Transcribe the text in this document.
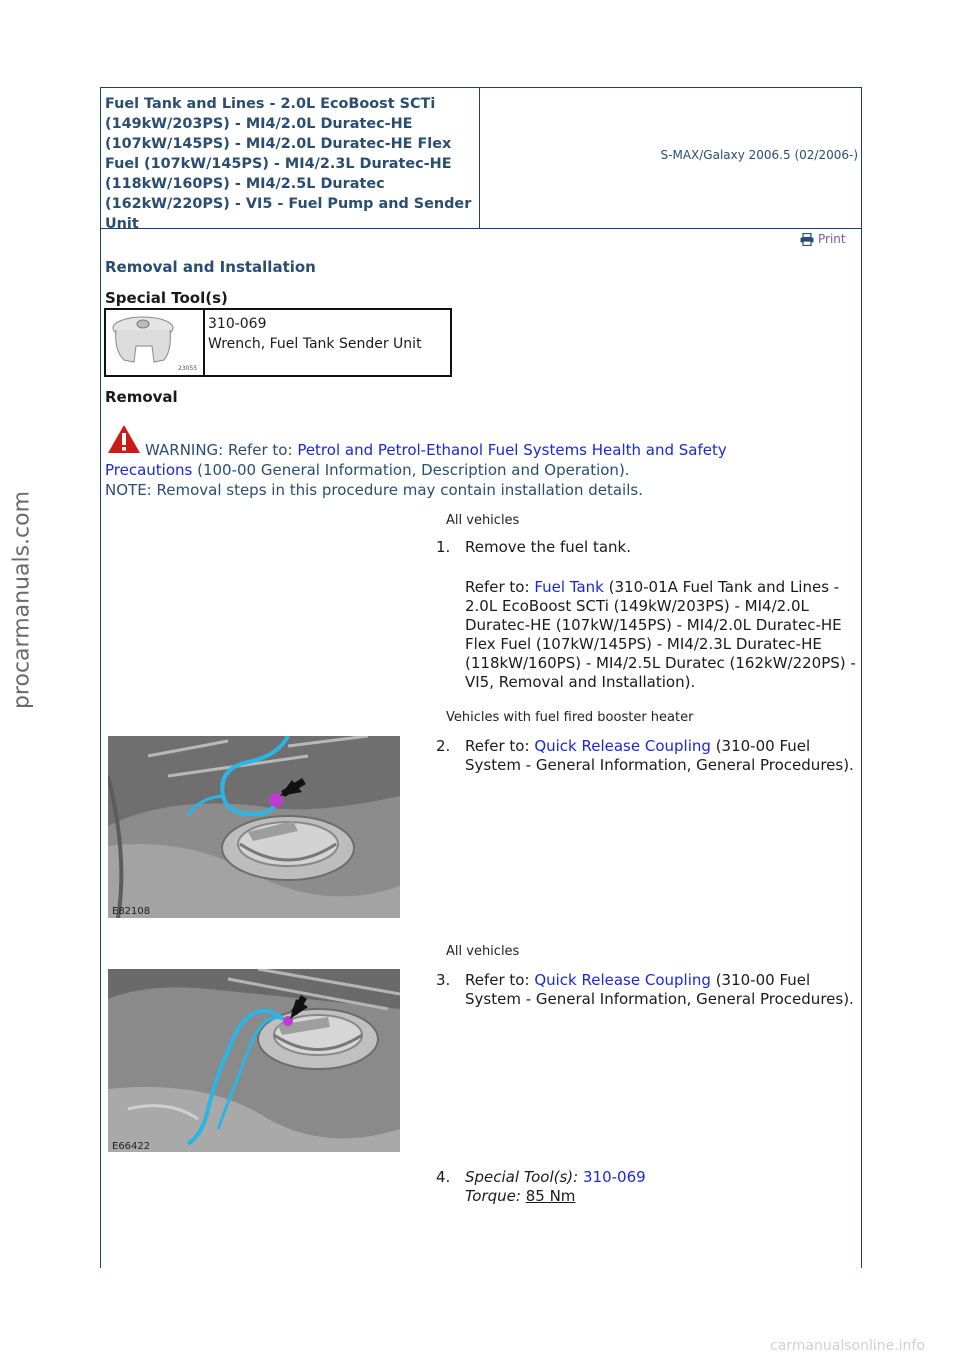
Fuel Tank and Lines - 2.0L EcoBoost SCTi (149kW/203PS) - MI4/2.0L Duratec-HE (107kW/145PS) - MI4/2.0L Duratec-HE Flex Fuel (107kW/145PS) - MI4/2.3L Duratec-HE (118kW/160PS) - MI4/2.5L Duratec (162kW/220PS) - VI5 - Fuel Pump and Sender Unit
S-MAX/Galaxy 2006.5 (02/2006-)
Print
Removal and Installation
Special Tool(s)
23055
310-069
Wrench, Fuel Tank Sender Unit
Removal
WARNING: Refer to: Petrol and Petrol-Ethanol Fuel Systems Health and Safety Precautions (100-00 General Information, Description and Operation).
NOTE: Removal steps in this procedure may contain installation details.
All vehicles
1. Remove the fuel tank.
Refer to: Fuel Tank (310-01A Fuel Tank and Lines - 2.0L EcoBoost SCTi (149kW/203PS) - MI4/2.0L Duratec-HE (107kW/145PS) - MI4/2.0L Duratec-HE Flex Fuel (107kW/145PS) - MI4/2.3L Duratec-HE (118kW/160PS) - MI4/2.5L Duratec (162kW/220PS) - VI5, Removal and Installation).
Vehicles with fuel fired booster heater
E82108
2. Refer to: Quick Release Coupling (310-00 Fuel System - General Information, General Procedures).
All vehicles
E66422
3. Refer to: Quick Release Coupling (310-00 Fuel System - General Information, General Procedures).
4. Special Tool(s): 310-069
Torque: 85 Nm
procarmanuals.com
carmanualsonline.info
